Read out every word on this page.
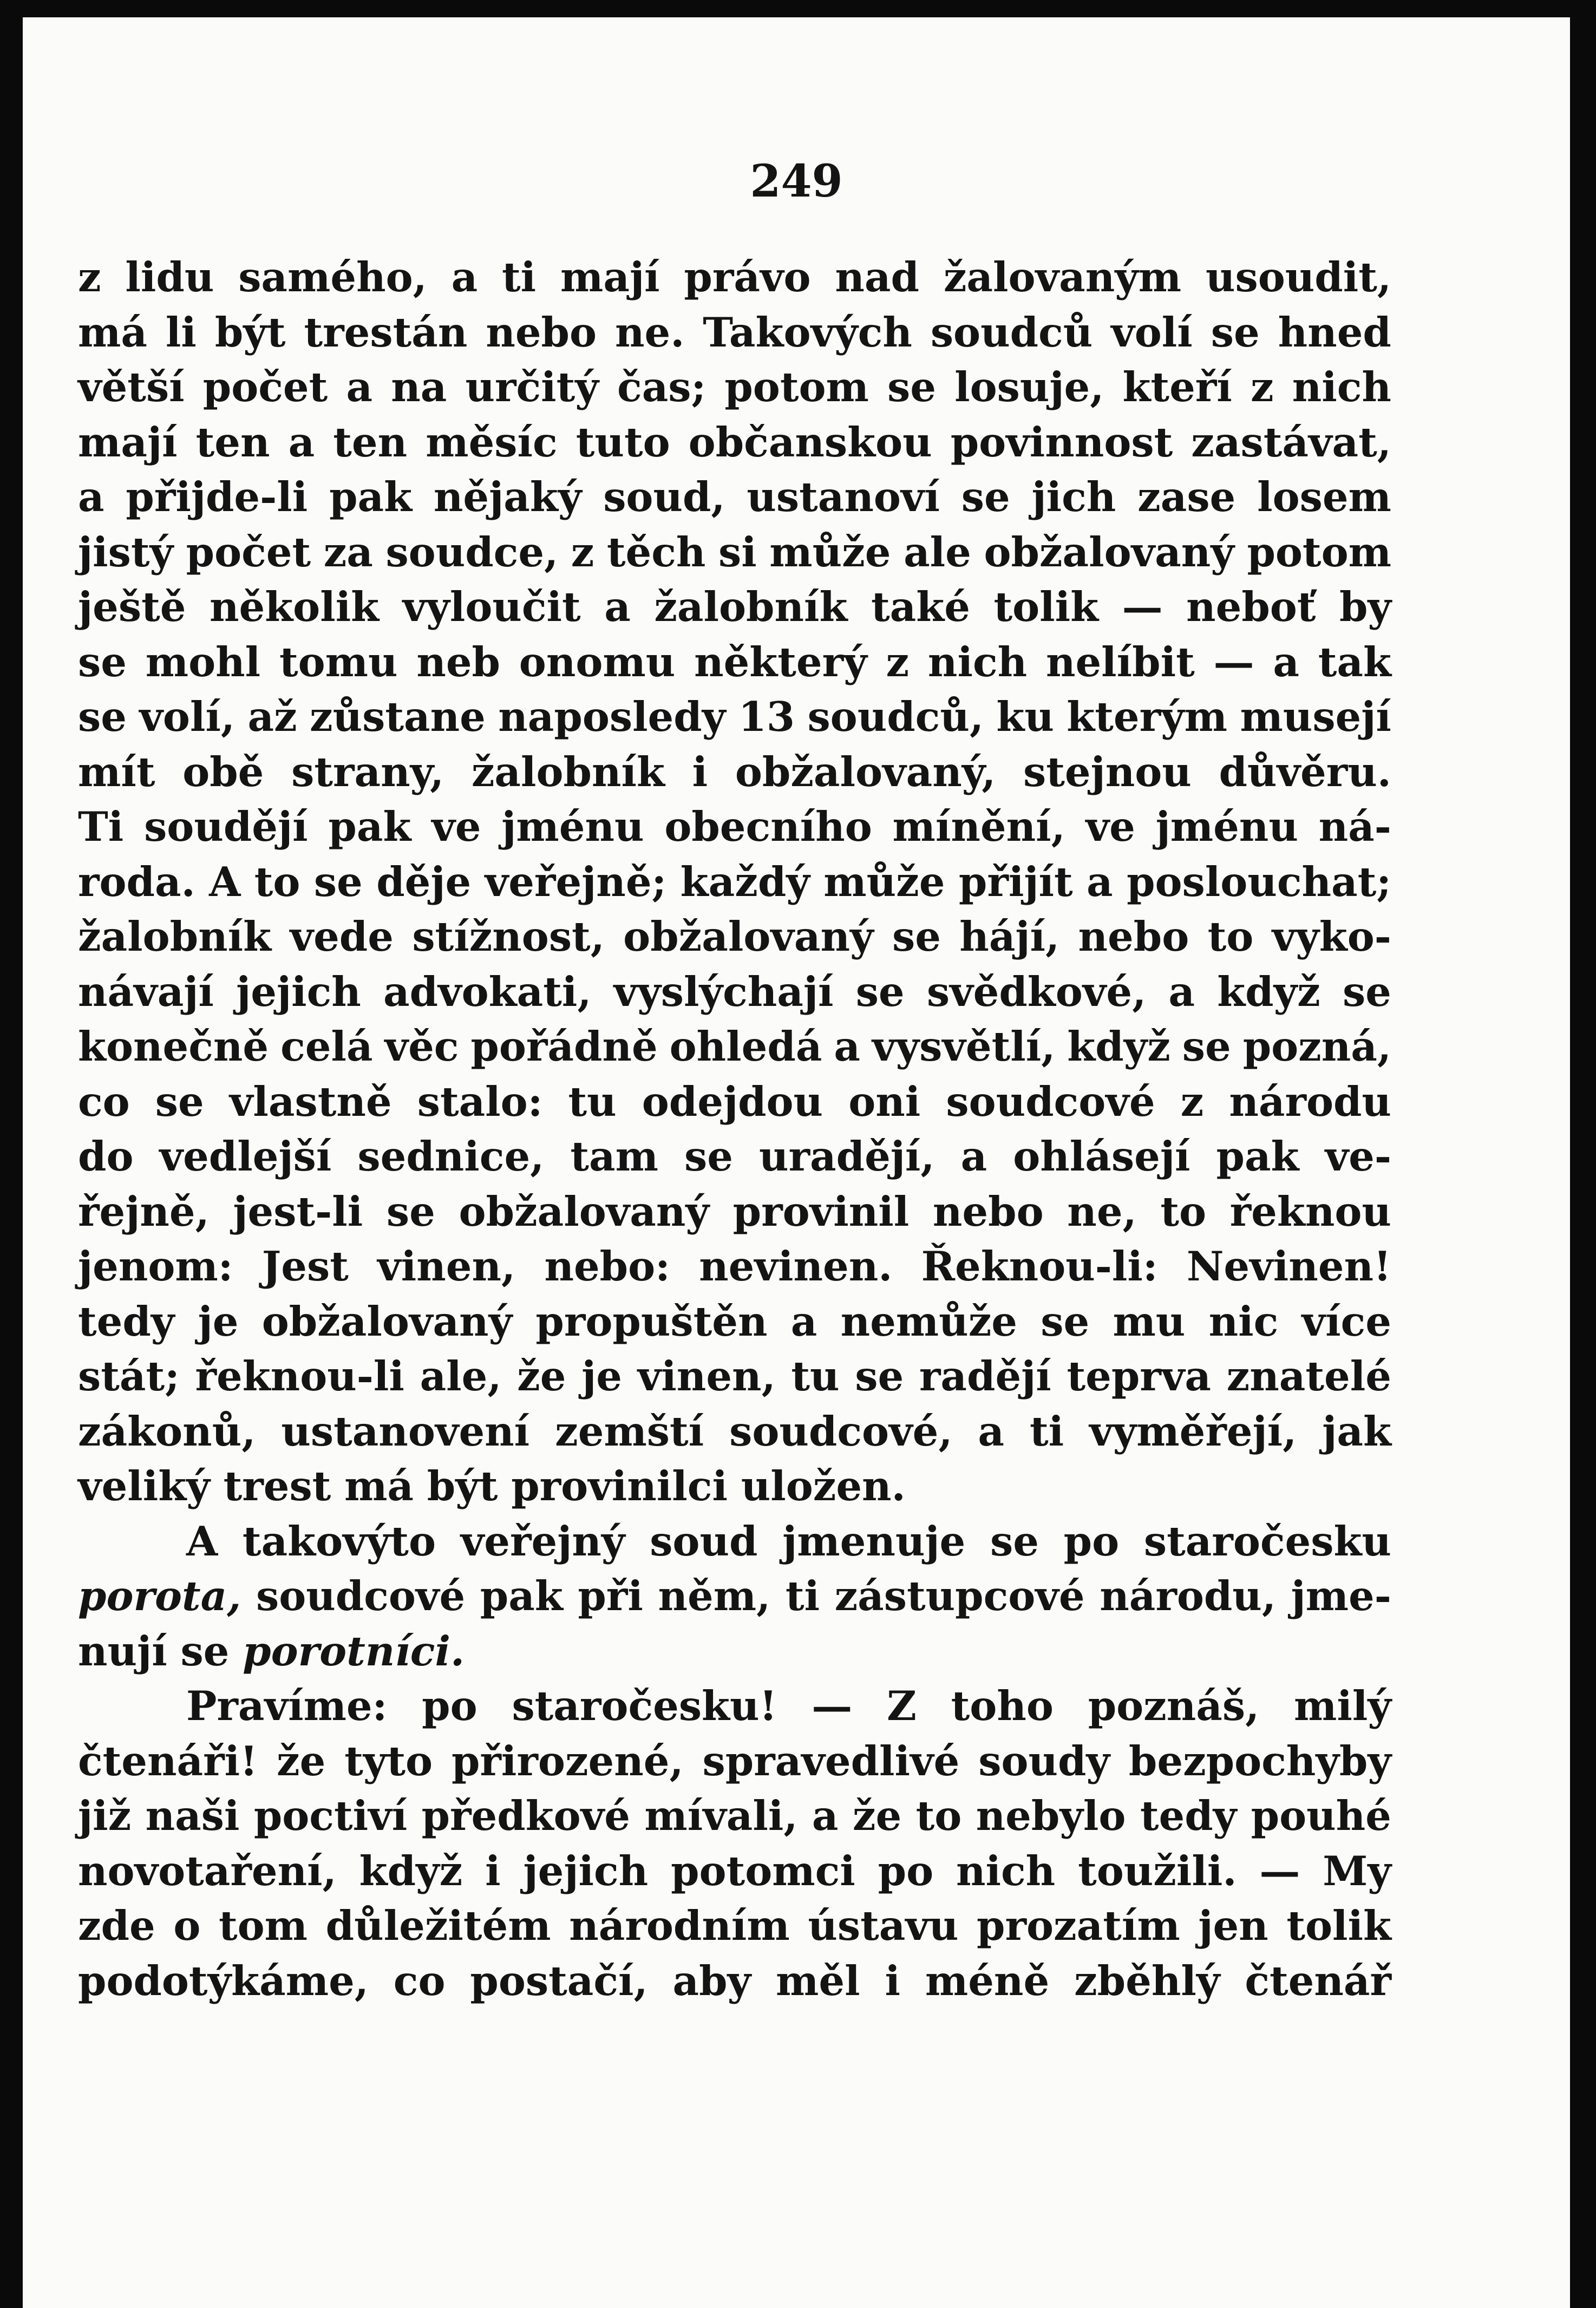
249

z lidu samého, a ti mají právo nad žalovaným usoudit,
má li být trestán nebo ne. Takových soudců volí se hned
větší počet a na určitý čas; potom se losuje, kteří z nich
mají ten a ten měsíc tuto občanskou povinnost zastávat,
a přijde-li pak nějaký soud, ustanoví se jich zase losem
jistý počet za soudce, z těch si může ale obžalovaný potom
ještě několik vyloučit a žalobník také tolik — neboť by
se mohl tomu neb onomu některý z nich nelíbit — a tak
se volí, až zůstane naposledy 13 soudců, ku kterým musejí
mít obě strany, žalobník i obžalovaný, stejnou důvěru.
Ti soudějí pak ve jménu obecního mínění, ve jménu ná-
roda. A to se děje veřejně; každý může přijít a poslouchat;
žalobník vede stížnost, obžalovaný se hájí, nebo to vyko-
návají jejich advokati, vyslýchají se svědkové, a když se
konečně celá věc pořádně ohledá a vysvětlí, když se pozná,
co se vlastně stalo: tu odejdou oni soudcové z národu
do vedlejší sednice, tam se uradějí, a ohlásejí pak ve-
řejně, jest-li se obžalovaný provinil nebo ne, to řeknou
jenom: Jest vinen, nebo: nevinen. Řeknou-li: Nevinen!
tedy je obžalovaný propuštěn a nemůže se mu nic více
stát; řeknou-li ale, že je vinen, tu se radějí teprva znatelé
zákonů, ustanovení zemští soudcové, a ti vyměřejí, jak
veliký trest má být provinilci uložen.
A takovýto veřejný soud jmenuje se po staročesku
porota, soudcové pak při něm, ti zástupcové národu, jme-
nují se porotníci.
Pravíme: po staročesku! — Z toho poznáš, milý
čtenáři! že tyto přirozené, spravedlivé soudy bezpochyby
již naši poctiví předkové mívali, a že to nebylo tedy pouhé
novotaření, když i jejich potomci po nich toužili. — My
zde o tom důležitém národním ústavu prozatím jen tolik
podotýkáme, co postačí, aby měl i méně zběhlý čtenář
